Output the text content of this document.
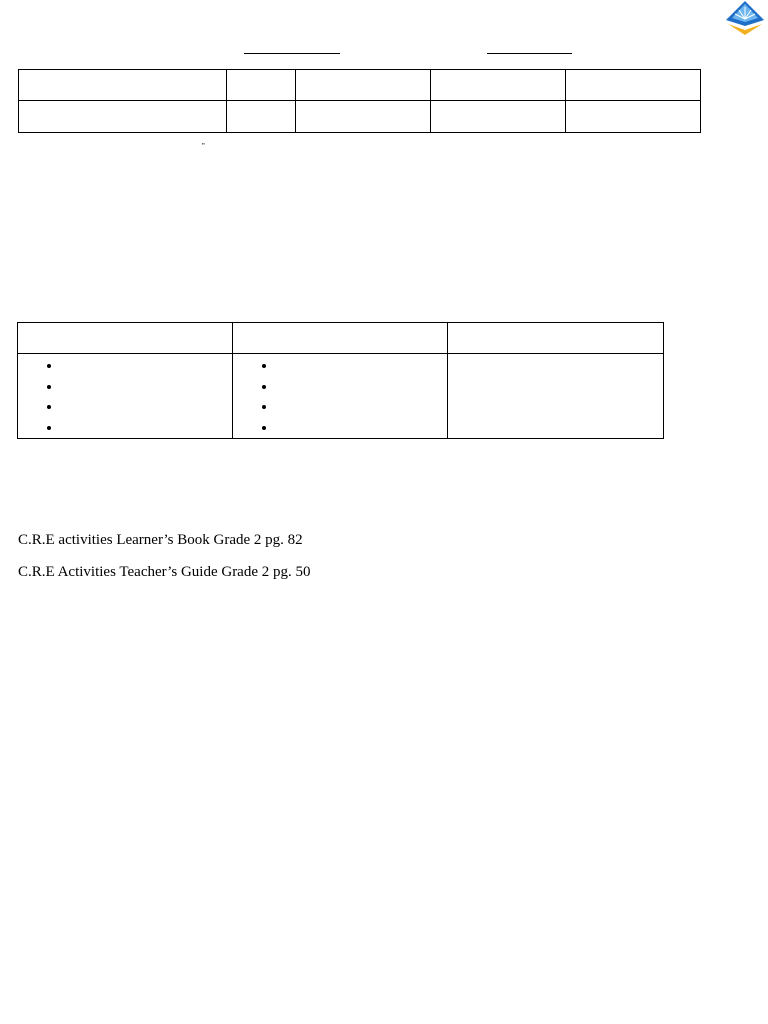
”

•
•
•
•

•
•
•
•

C.R.E activities Learner’s Book Grade 2 pg. 82
C.R.E Activities Teacher’s Guide Grade 2 pg. 50
